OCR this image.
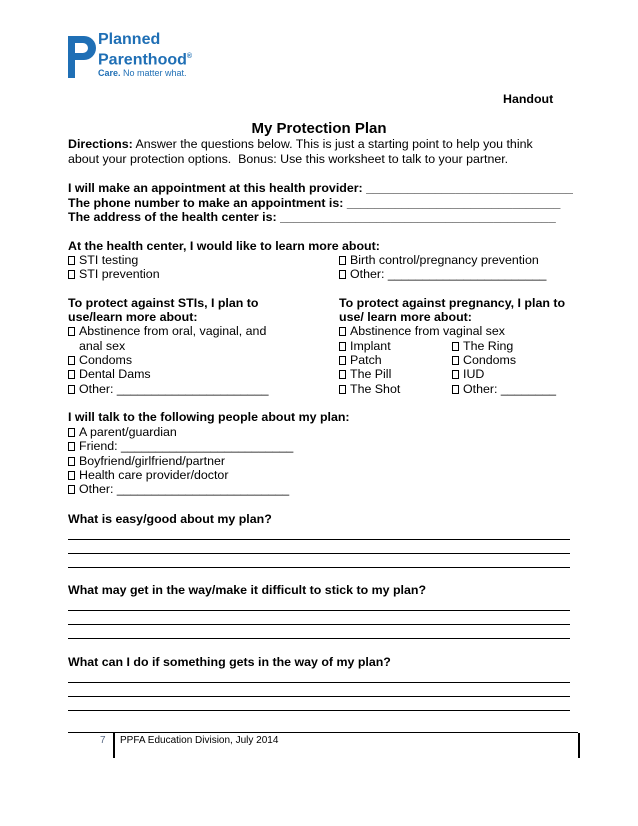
Planned
Parenthood®
Care. No matter what.
Handout
My Protection Plan
Directions: Answer the questions below. This is just a starting point to help you think
about your protection options.  Bonus: Use this worksheet to talk to your partner.
I will make an appointment at this health provider: ______________________________
The phone number to make an appointment is: _______________________________
The address of the health center is: ________________________________________
At the health center, I would like to learn more about:
STI testing
STI prevention
Birth control/pregnancy prevention
Other: _______________________
To protect against STIs, I plan to
use/learn more about:
Abstinence from oral, vaginal, and
anal sex
Condoms
Dental Dams
Other: ______________________
To protect against pregnancy, I plan to
use/ learn more about:
Abstinence from vaginal sex
Implant
Patch
The Pill
The Shot
The Ring
Condoms
IUD
Other: ________
I will talk to the following people about my plan:
A parent/guardian
Friend: _________________________
Boyfriend/girlfriend/partner
Health care provider/doctor
Other: _________________________
What is easy/good about my plan?
What may get in the way/make it difficult to stick to my plan?
What can I do if something gets in the way of my plan?
7 PPFA Education Division, July 2014
